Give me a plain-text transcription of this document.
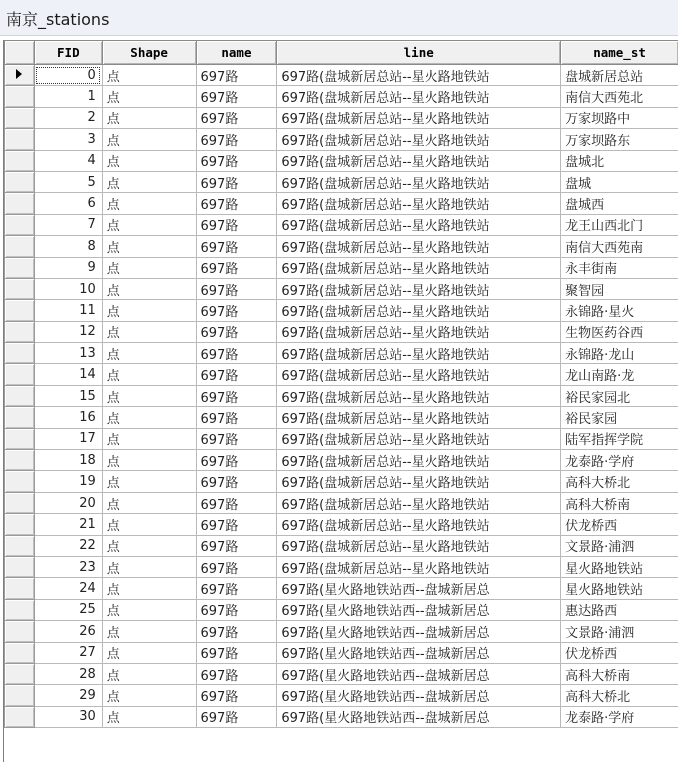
南京_stations
	FID	Shape	name	line	name_st
	0	点	697路	697路(盘城新居总站--星火路地铁站	盘城新居总站
	1	点	697路	697路(盘城新居总站--星火路地铁站	南信大西苑北
	2	点	697路	697路(盘城新居总站--星火路地铁站	万家坝路中
	3	点	697路	697路(盘城新居总站--星火路地铁站	万家坝路东
	4	点	697路	697路(盘城新居总站--星火路地铁站	盘城北
	5	点	697路	697路(盘城新居总站--星火路地铁站	盘城
	6	点	697路	697路(盘城新居总站--星火路地铁站	盘城西
	7	点	697路	697路(盘城新居总站--星火路地铁站	龙王山西北门
	8	点	697路	697路(盘城新居总站--星火路地铁站	南信大西苑南
	9	点	697路	697路(盘城新居总站--星火路地铁站	永丰街南
	10	点	697路	697路(盘城新居总站--星火路地铁站	聚智园
	11	点	697路	697路(盘城新居总站--星火路地铁站	永锦路·星火
	12	点	697路	697路(盘城新居总站--星火路地铁站	生物医药谷西
	13	点	697路	697路(盘城新居总站--星火路地铁站	永锦路·龙山
	14	点	697路	697路(盘城新居总站--星火路地铁站	龙山南路·龙
	15	点	697路	697路(盘城新居总站--星火路地铁站	裕民家园北
	16	点	697路	697路(盘城新居总站--星火路地铁站	裕民家园
	17	点	697路	697路(盘城新居总站--星火路地铁站	陆军指挥学院
	18	点	697路	697路(盘城新居总站--星火路地铁站	龙泰路·学府
	19	点	697路	697路(盘城新居总站--星火路地铁站	高科大桥北
	20	点	697路	697路(盘城新居总站--星火路地铁站	高科大桥南
	21	点	697路	697路(盘城新居总站--星火路地铁站	伏龙桥西
	22	点	697路	697路(盘城新居总站--星火路地铁站	文景路·浦泗
	23	点	697路	697路(盘城新居总站--星火路地铁站	星火路地铁站
	24	点	697路	697路(星火路地铁站西--盘城新居总	星火路地铁站
	25	点	697路	697路(星火路地铁站西--盘城新居总	惠达路西
	26	点	697路	697路(星火路地铁站西--盘城新居总	文景路·浦泗
	27	点	697路	697路(星火路地铁站西--盘城新居总	伏龙桥西
	28	点	697路	697路(星火路地铁站西--盘城新居总	高科大桥南
	29	点	697路	697路(星火路地铁站西--盘城新居总	高科大桥北
	30	点	697路	697路(星火路地铁站西--盘城新居总	龙泰路·学府
